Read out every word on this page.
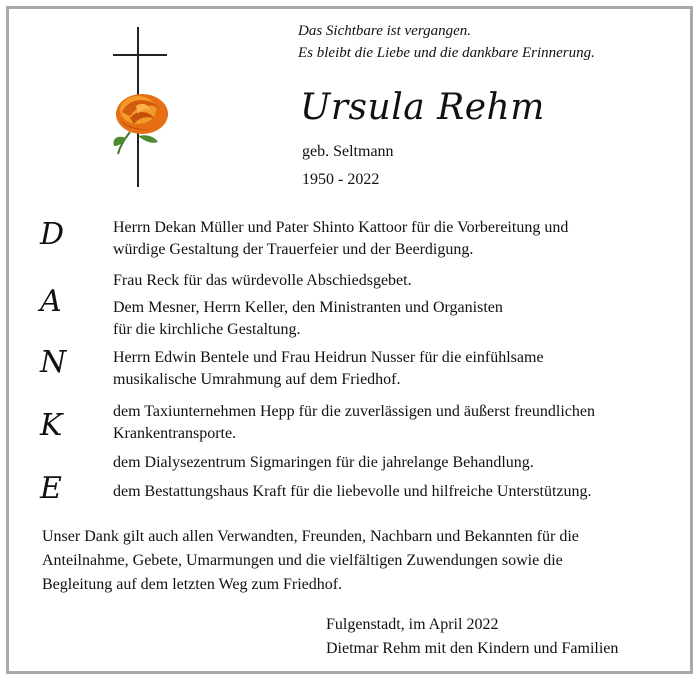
Das Sichtbare ist vergangen.
Es bleibt die Liebe und die dankbare Erinnerung.
Ursula Rehm
geb. Seltmann
1950 - 2022
D
A
N
K
E
Herrn Dekan Müller und Pater Shinto Kattoor für die Vorbereitung und
würdige Gestaltung der Trauerfeier und der Beerdigung.
Frau Reck für das würdevolle Abschiedsgebet.
Dem Mesner, Herrn Keller, den Ministranten und Organisten
für die kirchliche Gestaltung.
Herrn Edwin Bentele und Frau Heidrun Nusser für die einfühlsame
musikalische Umrahmung auf dem Friedhof.
dem Taxiunternehmen Hepp für die zuverlässigen und äußerst freundlichen
Krankentransporte.
dem Dialysezentrum Sigmaringen für die jahrelange Behandlung.
dem Bestattungshaus Kraft für die liebevolle und hilfreiche Unterstützung.
Unser Dank gilt auch allen Verwandten, Freunden, Nachbarn und Bekannten für die
Anteilnahme, Gebete, Umarmungen und die vielfältigen Zuwendungen sowie die
Begleitung auf dem letzten Weg zum Friedhof.
Fulgenstadt, im April 2022
Dietmar Rehm mit den Kindern und Familien
